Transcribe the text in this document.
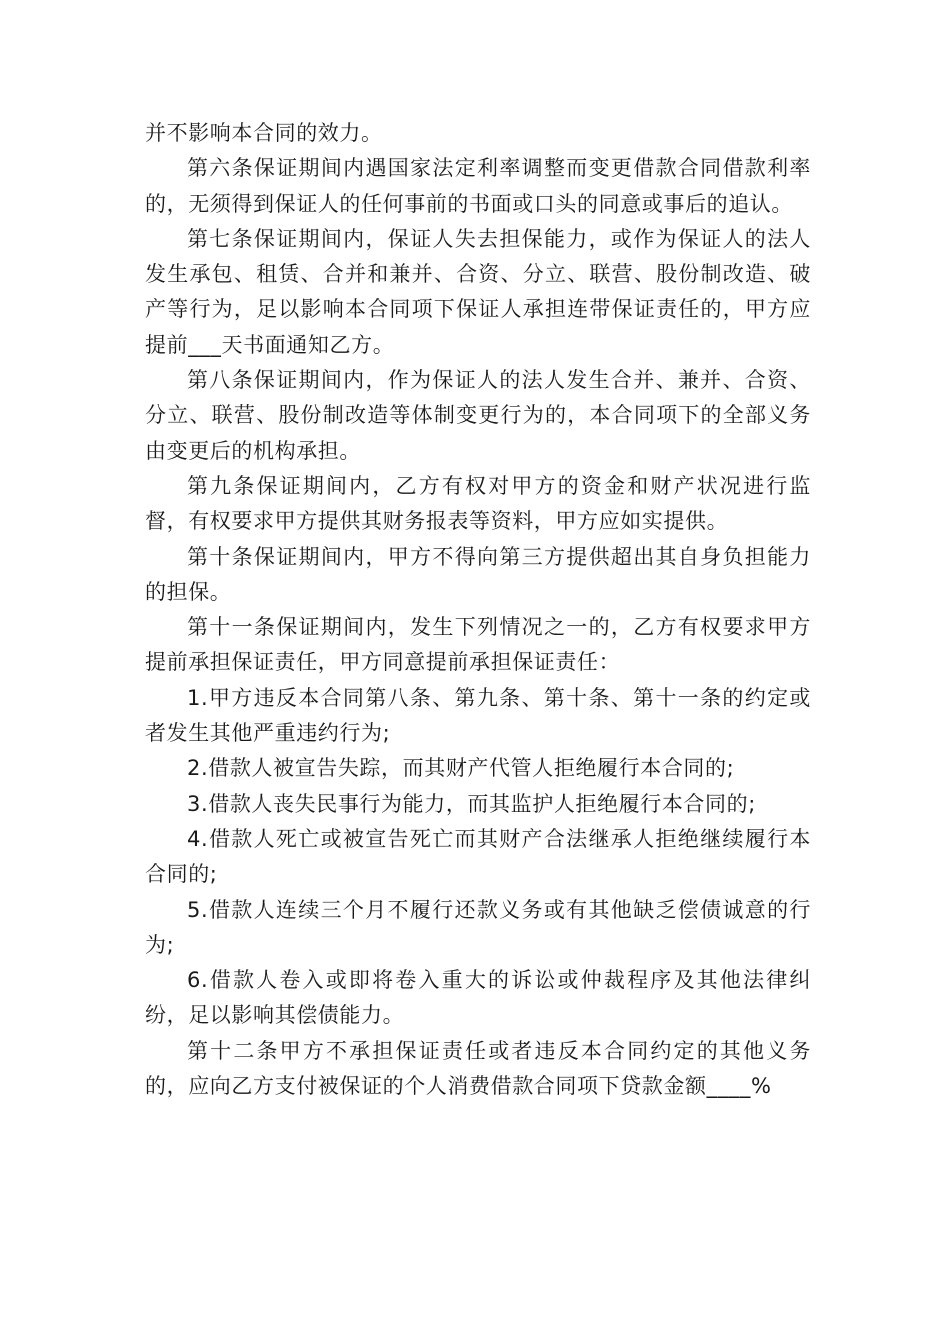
并不影响本合同的效力。

第六条保证期间内遇国家法定利率调整而变更借款合同借款利率的，无须得到保证人的任何事前的书面或口头的同意或事后的追认。

第七条保证期间内，保证人失去担保能力，或作为保证人的法人发生承包、租赁、合并和兼并、合资、分立、联营、股份制改造、破产等行为，足以影响本合同项下保证人承担连带保证责任的，甲方应提前___天书面通知乙方。

第八条保证期间内，作为保证人的法人发生合并、兼并、合资、分立、联营、股份制改造等体制变更行为的，本合同项下的全部义务由变更后的机构承担。

第九条保证期间内，乙方有权对甲方的资金和财产状况进行监督，有权要求甲方提供其财务报表等资料，甲方应如实提供。

第十条保证期间内，甲方不得向第三方提供超出其自身负担能力的担保。

第十一条保证期间内，发生下列情况之一的，乙方有权要求甲方提前承担保证责任，甲方同意提前承担保证责任：

1.甲方违反本合同第八条、第九条、第十条、第十一条的约定或者发生其他严重违约行为;

2.借款人被宣告失踪，而其财产代管人拒绝履行本合同的;

3.借款人丧失民事行为能力，而其监护人拒绝履行本合同的;

4.借款人死亡或被宣告死亡而其财产合法继承人拒绝继续履行本合同的;

5.借款人连续三个月不履行还款义务或有其他缺乏偿债诚意的行为;

6.借款人卷入或即将卷入重大的诉讼或仲裁程序及其他法律纠纷，足以影响其偿债能力。

第十二条甲方不承担保证责任或者违反本合同约定的其他义务的，应向乙方支付被保证的个人消费借款合同项下贷款金额____%
